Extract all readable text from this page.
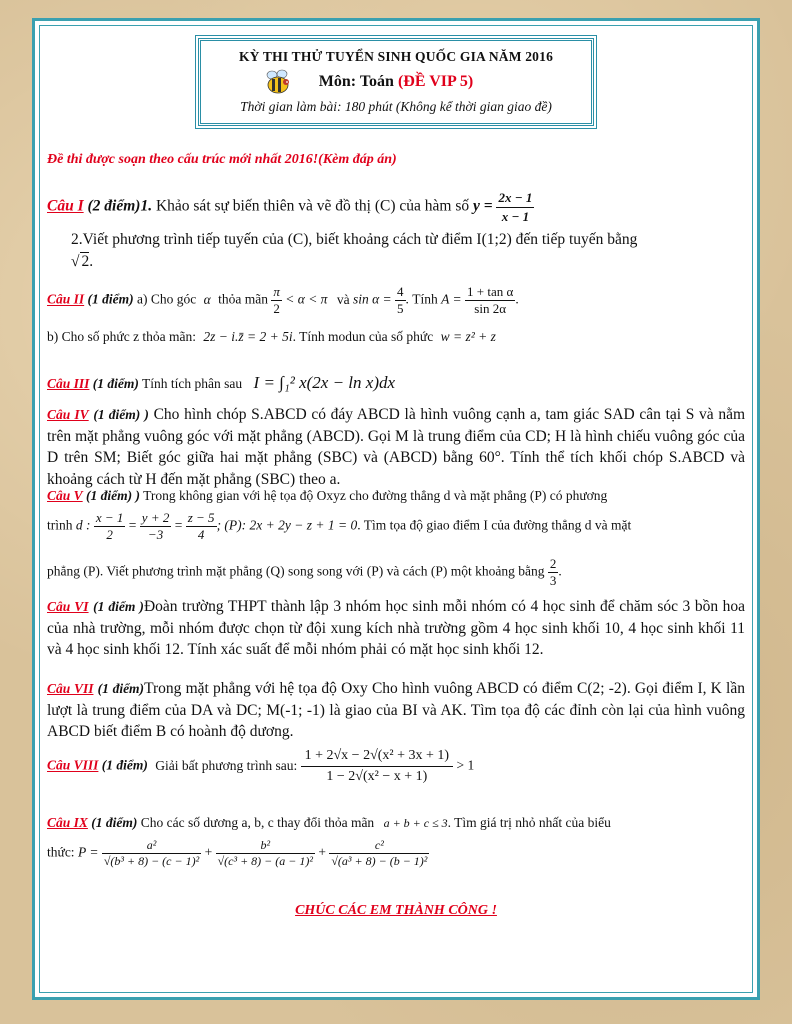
KỲ THI THỬ TUYỂN SINH QUỐC GIA NĂM 2016
Môn: Toán (ĐỀ VIP 5)
Thời gian làm bài: 180 phút (Không kể thời gian giao đề)
Đề thi được soạn theo cấu trúc mới nhất 2016!(Kèm đáp án)
Câu I (2 điểm)1. Khảo sát sự biến thiên và vẽ đồ thị (C) của hàm số $y = \frac{2x - 1}{x - 1}$
2.Viết phương trình tiếp tuyến của (C), biết khoảng cách từ điểm I(1;2) đến tiếp tuyến bằng
√ 2.
Câu II (1 điểm) a) Cho góc α thỏa mãn $\frac{\pi}{2} < \alpha < \pi$ và $\sin \alpha = \frac{4}{5}$ . Tính $A = \frac{\text{1 + tan α}}{\sin 2\alpha}$ .
b) Cho số phức z thỏa mãn: 2z − i.z̄ = 2 + 5i. Tính modun của số phức w = z² + z
Câu III (1 điểm) Tính tích phân sau I = ∫₁² x(2x − ln x)dx
Câu IV (1 điểm) ) Cho hình chóp S.ABCD có đáy ABCD là hình vuông cạnh a, tam giác SAD cân tại S và nằm trên mặt phẳng vuông góc với mặt phẳng (ABCD). Gọi M là trung điểm của CD; H là hình chiếu vuông góc của D trên SM; Biết góc giữa hai mặt phẳng (SBC) và (ABCD) bằng 60°. Tính thể tích khối chóp S.ABCD và khoảng cách từ H đến mặt phẳng (SBC) theo a.
Câu V (1 điểm) ) Trong không gian với hệ tọa độ Oxyz cho đường thẳng d và mặt phẳng (P) có phương
trình d : $\frac{x - 1}{2} = \frac{y + 2}{-3} = \frac{z - 5}{4}$ ; (P): 2x + 2y − z + 1 = 0. Tìm tọa độ giao điểm I của đường thẳng d và mặt
phẳng (P). Viết phương trình mặt phẳng (Q) song song với (P) và cách (P) một khoảng bằng $\frac{2}{3}$ .
Câu VI (1 điểm )Đoàn trường THPT thành lập 3 nhóm học sinh mỗi nhóm có 4 học sinh để chăm sóc 3 bồn hoa của nhà trường, mỗi nhóm được chọn từ đội xung kích nhà trường gồm 4 học sinh khối 10, 4 học sinh khối 11 và 4 học sinh khối 12. Tính xác suất để mỗi nhóm phải có mặt học sinh khối 12.
Câu VII (1 điểm)Trong mặt phẳng với hệ tọa độ Oxy Cho hình vuông ABCD có điểm C(2; -2). Gọi điểm I, K lần lượt là trung điểm của DA và DC; M(-1; -1) là giao của BI và AK. Tìm tọa độ các đỉnh còn lại của hình vuông ABCD biết điểm B có hoành độ dương.
Câu VIII (1 điểm) Giải bất phương trình sau: $\frac{\text{1 + 2√x − 2√(x² + 3x + 1)}}{\text{1 − 2√(x² − x + 1)}} > 1$
Câu IX (1 điểm) Cho các số dương a, b, c thay đổi thỏa mãn a + b + c ≤ 3. Tìm giá trị nhỏ nhất của biểu
thức: $P = \frac{\text{a²}}{\text{√(b³ + 8) − (c − 1)²}} + \frac{\text{b²}}{\text{√(c³ + 8) − (a − 1)²}} + \frac{\text{c²}}{\text{√(a³ + 8) − (b − 1)²}}$
CHÚC CÁC EM THÀNH CÔNG !
